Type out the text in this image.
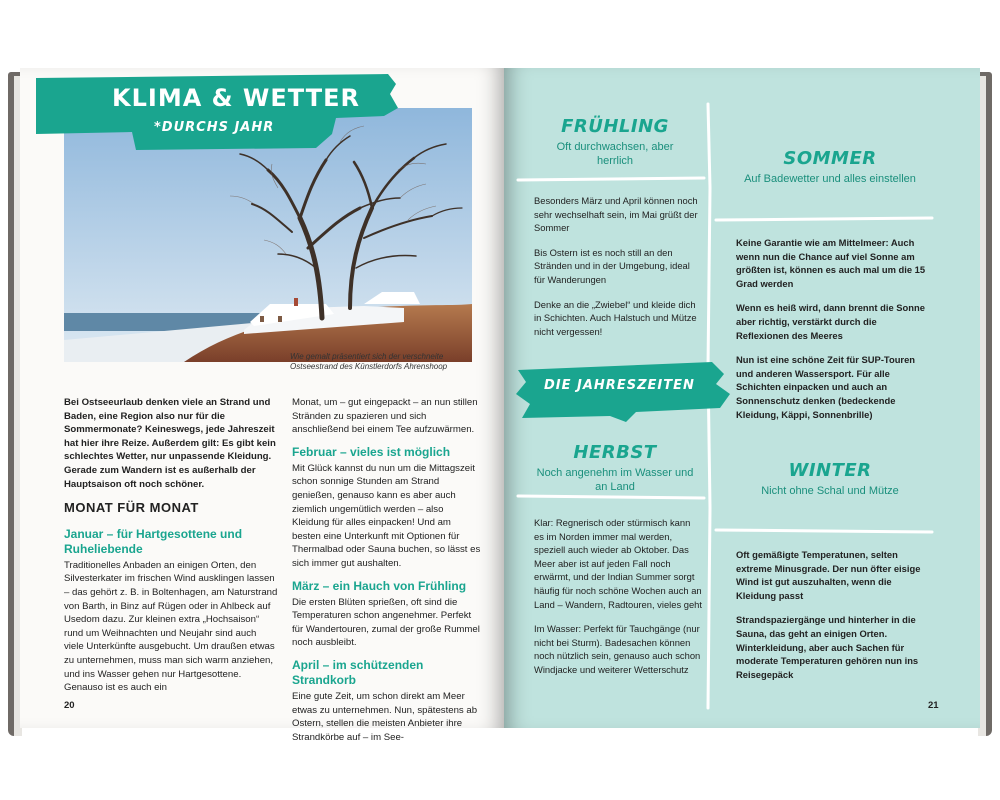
KLIMA & WETTER
*DURCHS JAHR
Wie gemalt präsentiert sich der verschneite Ostseestrand des Künstlerdorfs Ahrenshoop
Bei Ostseeurlaub denken viele an Strand und Baden, eine Region also nur für die Sommermonate? Keineswegs, jede Jahreszeit hat hier ihre Reize. Außerdem gilt: Es gibt kein schlechtes Wetter, nur unpassende Kleidung. Gerade zum Wandern ist es außerhalb der Hauptsaison oft noch schöner.
MONAT FÜR MONAT
Januar – für Hartgesottene und Ruheliebende
Traditionelles Anbaden an einigen Orten, den Silvesterkater im frischen Wind ausklingen lassen – das gehört z. B. in Boltenhagen, am Naturstrand von Barth, in Binz auf Rügen oder in Ahlbeck auf Usedom dazu. Zur kleinen extra „Hochsaison“ rund um Weihnachten und Neujahr sind auch viele Unterkünfte ausgebucht. Um draußen etwas zu unternehmen, muss man sich warm anziehen, und ins Wasser gehen nur Hartgesottene. Genauso ist es auch ein
Monat, um – gut eingepackt – an nun stillen Stränden zu spazieren und sich anschließend bei einem Tee aufzuwärmen.
Februar – vieles ist möglich
Mit Glück kannst du nun um die Mittagszeit schon sonnige Stunden am Strand genießen, genauso kann es aber auch ziemlich ungemütlich werden – also Kleidung für alles einpacken! Und am besten eine Unterkunft mit Optionen für Thermalbad oder Sauna buchen, so lässt es sich immer gut aushalten.
März – ein Hauch von Frühling
Die ersten Blüten sprießen, oft sind die Temperaturen schon angenehmer. Perfekt für Wandertouren, zumal der große Rummel noch ausbleibt.
April – im schützenden Strandkorb
Eine gute Zeit, um schon direkt am Meer etwas zu unternehmen. Nun, spätestens ab Ostern, stellen die meisten Anbieter ihre Strandkörbe auf – im See-
20
FRÜHLING
Oft durchwachsen, aber herrlich

Besonders März und April können noch sehr wechselhaft sein, im Mai grüßt der Sommer

Bis Ostern ist es noch still an den Stränden und in der Umgebung, ideal für Wanderungen

Denke an die „Zwiebel“ und kleide dich in Schichten. Auch Halstuch und Mütze nicht vergessen!

SOMMER
Auf Badewetter und alles einstellen

Keine Garantie wie am Mittelmeer: Auch wenn nun die Chance auf viel Sonne am größten ist, können es auch mal um die 15 Grad werden

Wenn es heiß wird, dann brennt die Sonne aber richtig, verstärkt durch die Reflexionen des Meeres

Nun ist eine schöne Zeit für SUP-Touren und anderen Wassersport. Für alle Schichten einpacken und auch an Sonnenschutz denken (bedeckende Kleidung, Käppi, Sonnenbrille)

DIE JAHRESZEITEN
HERBST
Noch angenehm im Wasser und an Land

Klar: Regnerisch oder stürmisch kann es im Norden immer mal werden, speziell auch wieder ab Oktober. Das Meer aber ist auf jeden Fall noch erwärmt, und der Indian Summer sorgt häufig für noch schöne Wochen auch an Land – Wandern, Radtouren, vieles geht

Im Wasser: Perfekt für Tauchgänge (nur nicht bei Sturm). Badesachen können noch nützlich sein, genauso auch schon Windjacke und weiterer Wetterschutz

WINTER
Nicht ohne Schal und Mütze

Oft gemäßigte Temperatunen, selten extreme Minusgrade. Der nun öfter eisige Wind ist gut auszuhalten, wenn die Kleidung passt

Strandspaziergänge und hinterher in die Sauna, das geht an einigen Orten. Winterkleidung, aber auch Sachen für moderate Temperaturen gehören nun ins Reisegepäck

21
